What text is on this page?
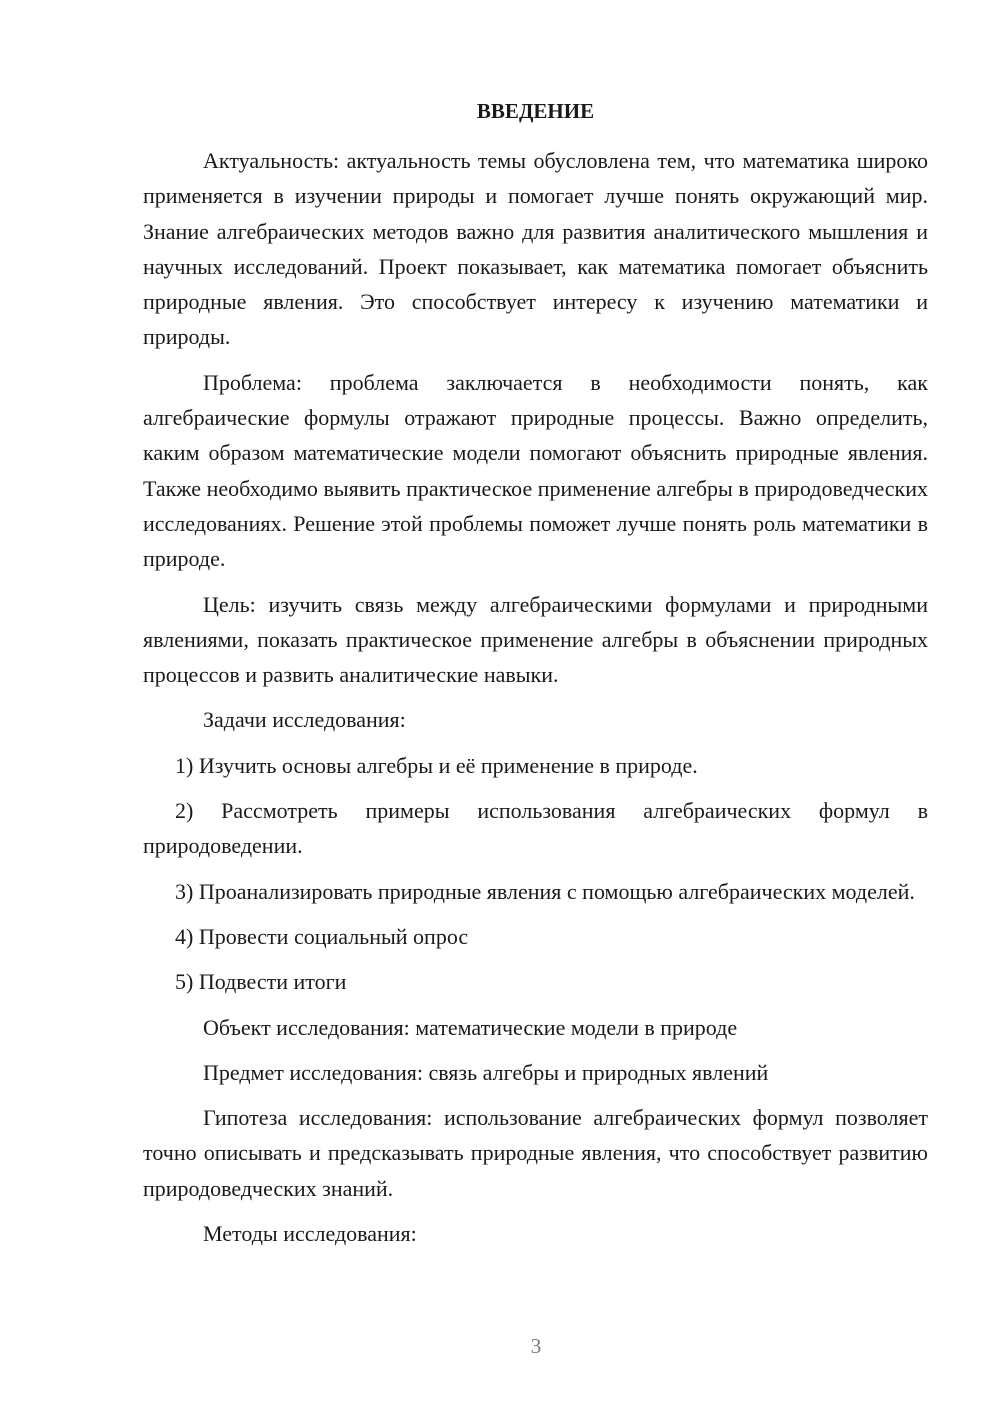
ВВЕДЕНИЕ

Актуальность: актуальность темы обусловлена тем, что математика широко применяется в изучении природы и помогает лучше понять окружающий мир. Знание алгебраических методов важно для развития аналитического мышления и научных исследований. Проект показывает, как математика помогает объяснить природные явления. Это способствует интересу к изучению математики и природы.

Проблема: проблема заключается в необходимости понять, как алгебраические формулы отражают природные процессы. Важно определить, каким образом математические модели помогают объяснить природные явления. Также необходимо выявить практическое применение алгебры в природоведческих исследованиях. Решение этой проблемы поможет лучше понять роль математики в природе.

Цель: изучить связь между алгебраическими формулами и природными явлениями, показать практическое применение алгебры в объяснении природных процессов и развить аналитические навыки.

Задачи исследования:

1) Изучить основы алгебры и её применение в природе.

2) Рассмотреть примеры использования алгебраических формул в природоведении.

3) Проанализировать природные явления с помощью алгебраических моделей.

4) Провести социальный опрос

5) Подвести итоги

Объект исследования: математические модели в природе

Предмет исследования: связь алгебры и природных явлений

Гипотеза исследования: использование алгебраических формул позволяет точно описывать и предсказывать природные явления, что способствует развитию природоведческих знаний.

Методы исследования:

3
